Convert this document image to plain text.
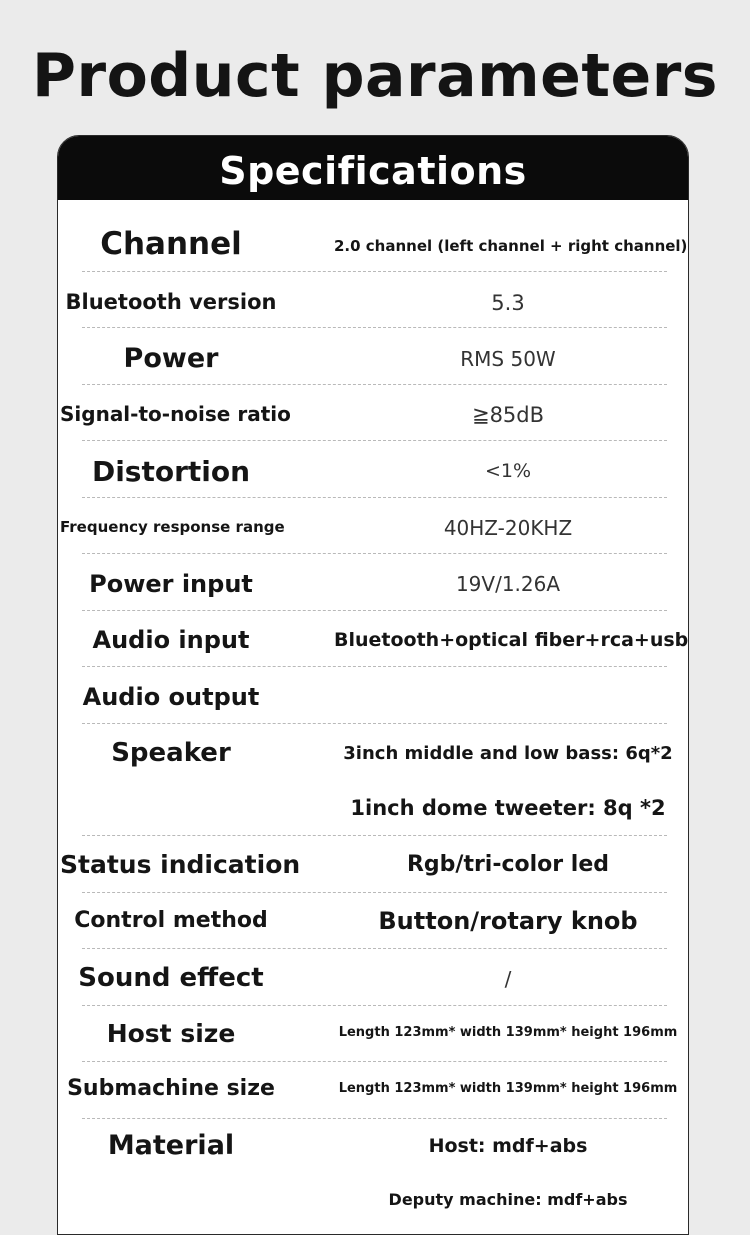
Product parameters
Specifications
Channel	2.0 channel (left channel + right channel)
Bluetooth version	5.3
Power	RMS 50W
Signal-to-noise ratio	≧85dB
Distortion	<1%
Frequency response range	40HZ-20KHZ
Power input	19V/1.26A
Audio input	Bluetooth+optical fiber+rca+usb
Audio output
Speaker	3inch middle and low bass: 6q*2
1inch dome tweeter: 8q *2
Status indication	Rgb/tri-color led
Control method	Button/rotary knob
Sound effect	/
Host size	Length 123mm* width 139mm* height 196mm
Submachine size	Length 123mm* width 139mm* height 196mm
Material	Host: mdf+abs
Deputy machine: mdf+abs
